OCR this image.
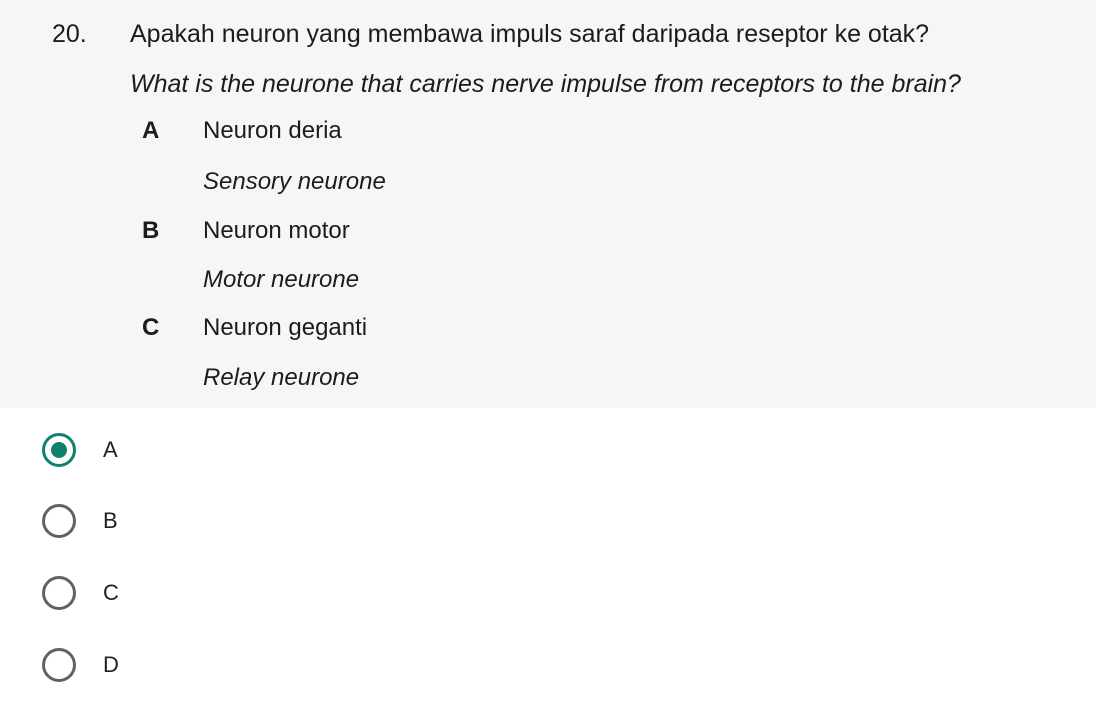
20. Apakah neuron yang membawa impuls saraf daripada reseptor ke otak?
What is the neurone that carries nerve impulse from receptors to the brain?
A Neuron deria
Sensory neurone
B Neuron motor
Motor neurone
C Neuron geganti
Relay neurone
A
B
C
D
